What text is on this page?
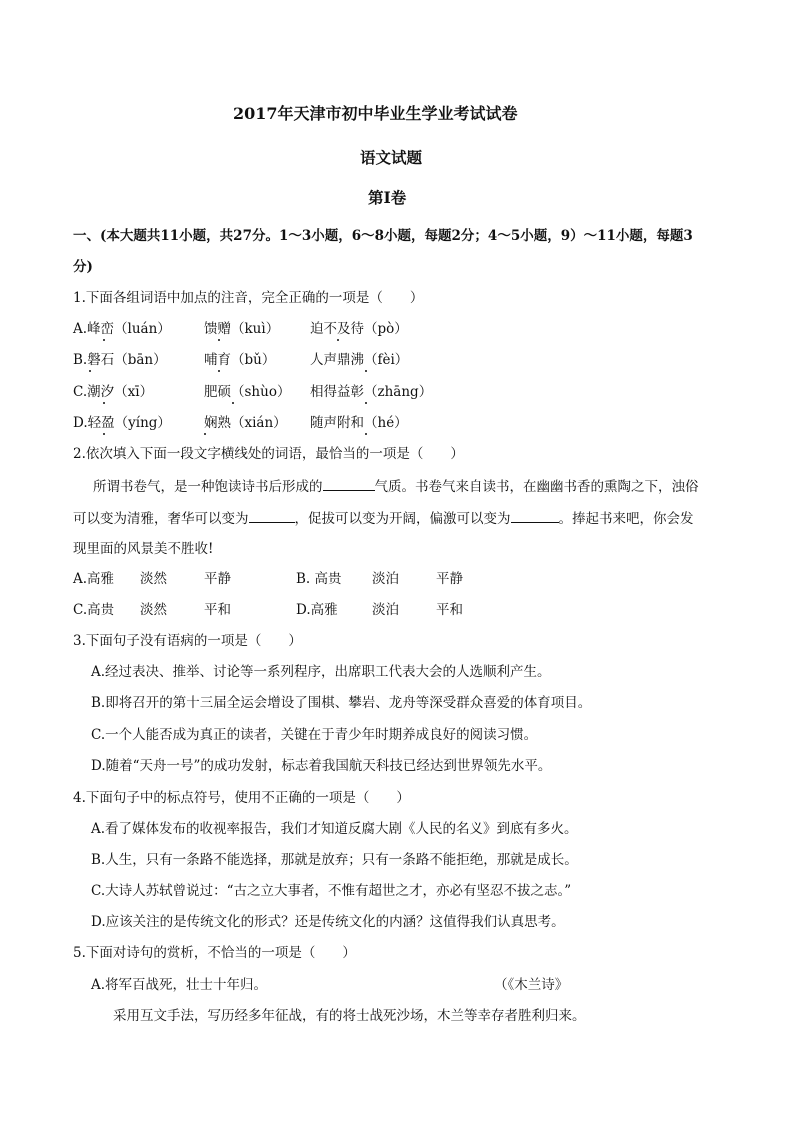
2017年天津市初中毕业生学业考试试卷
语文试题
第Ⅰ卷
一、(本大题共11小题，共27分。1～3小题，6～8小题，每题2分；4～5小题，9）～11小题，每题3
分)
1.下面各组词语中加点的注音，完全正确的一项是（　　）
A.峰峦（luán） 馈赠（kuì） 迫不及待（pò）
B.磐石（bān）	哺育（bǔ）	人声鼎沸（fèi）
C.潮汐（xī）	肥硕（shùo） 相得益彰（zhāng）
D.轻盈（yíng） 娴熟（xián） 随声附和（hé）
2.依次填入下面一段文字横线处的词语，最恰当的一项是（　　）
所谓书卷气，是一种饱读诗书后形成的	气质。书卷气来自读书，在幽幽书香的熏陶之下，浊俗
可以变为清雅，奢华可以变为	，促拔可以变为开阔，偏激可以变为	。捧起书来吧，你会发
现里面的风景美不胜收!
A.高雅 淡然	平静	B. 高贵 淡泊	平静
C.高贵 淡然	平和	D.高雅	淡泊	平和
3.下面句子没有语病的一项是（　　）
A.经过表决、推举、讨论等一系列程序，出席职工代表大会的人选顺利产生。
B.即将召开的第十三届全运会增设了围棋、攀岩、龙舟等深受群众喜爱的体育项目。
C.一个人能否成为真正的读者，关键在于青少年时期养成良好的阅读习惯。
D.随着“天舟一号”的成功发射，标志着我国航天科技已经达到世界领先水平。
4.下面句子中的标点符号，使用不正确的一项是（　　）
A.看了媒体发布的收视率报告，我们才知道反腐大剧《人民的名义》到底有多火。
B.人生，只有一条路不能选择，那就是放弃；只有一条路不能拒绝，那就是成长。
C.大诗人苏轼曾说过：“古之立大事者，不惟有超世之才，亦必有坚忍不拔之志。”
D.应该关注的是传统文化的形式？还是传统文化的内涵？这值得我们认真思考。
5.下面对诗句的赏析，不恰当的一项是（　　）
A.将军百战死，壮士十年归。	（《木兰诗》
采用互文手法，写历经多年征战，有的将士战死沙场，木兰等幸存者胜利归来。
